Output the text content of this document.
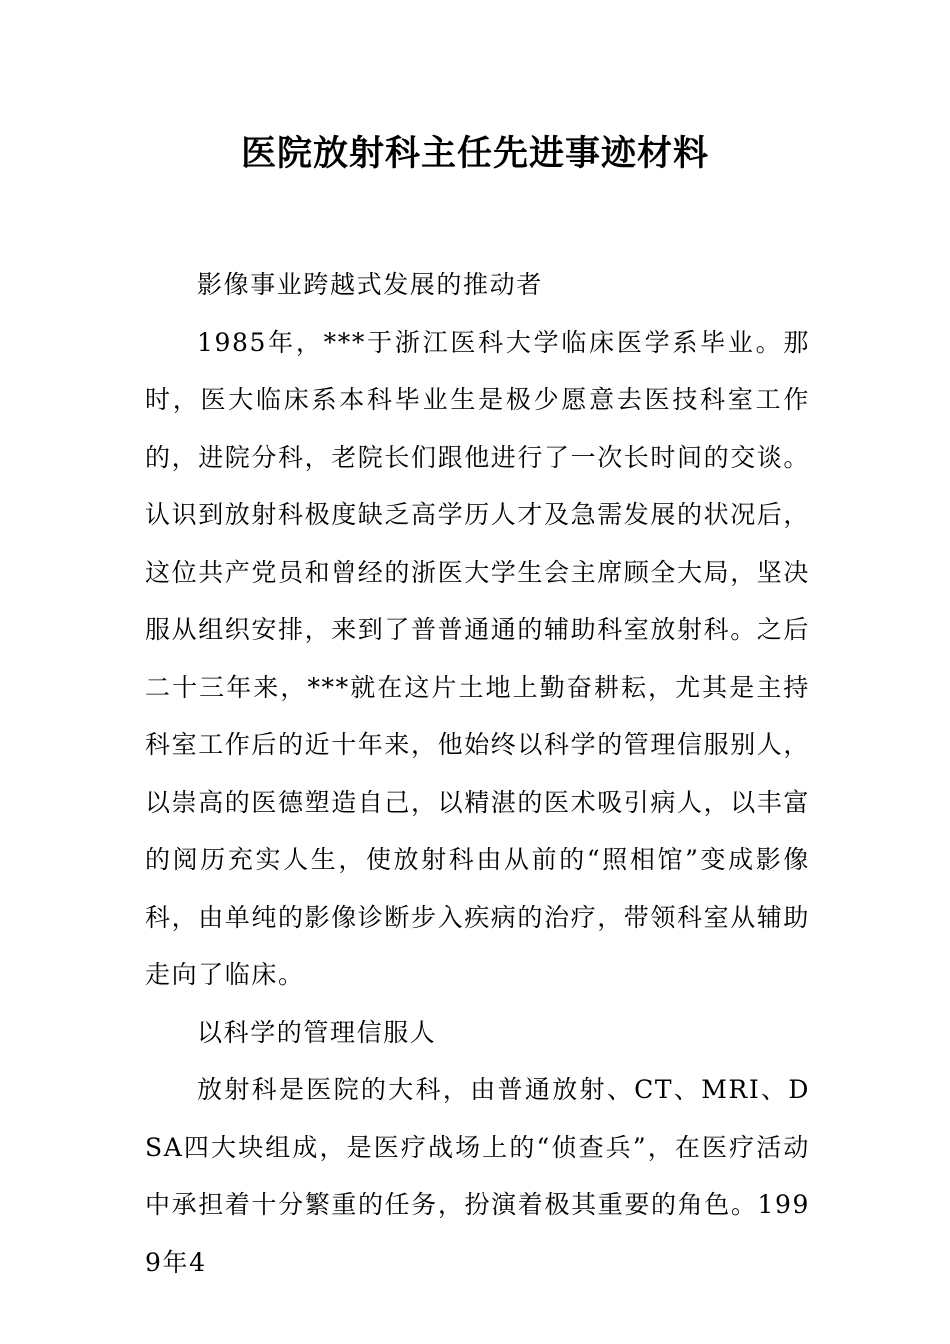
医院放射科主任先进事迹材料

影像事业跨越式发展的推动者

1985年，***于浙江医科大学临床医学系毕业。那时，医大临床系本科毕业生是极少愿意去医技科室工作的，进院分科，老院长们跟他进行了一次长时间的交谈。认识到放射科极度缺乏高学历人才及急需发展的状况后，这位共产党员和曾经的浙医大学生会主席顾全大局，坚决服从组织安排，来到了普普通通的辅助科室放射科。之后二十三年来，***就在这片土地上勤奋耕耘，尤其是主持科室工作后的近十年来，他始终以科学的管理信服别人，以崇高的医德塑造自己，以精湛的医术吸引病人，以丰富的阅历充实人生，使放射科由从前的“照相馆”变成影像科，由单纯的影像诊断步入疾病的治疗，带领科室从辅助走向了临床。

以科学的管理信服人

放射科是医院的大科，由普通放射、CT、MRI、DSA四大块组成，是医疗战场上的“侦查兵”，在医疗活动中承担着十分繁重的任务，扮演着极其重要的角色。1999年4
